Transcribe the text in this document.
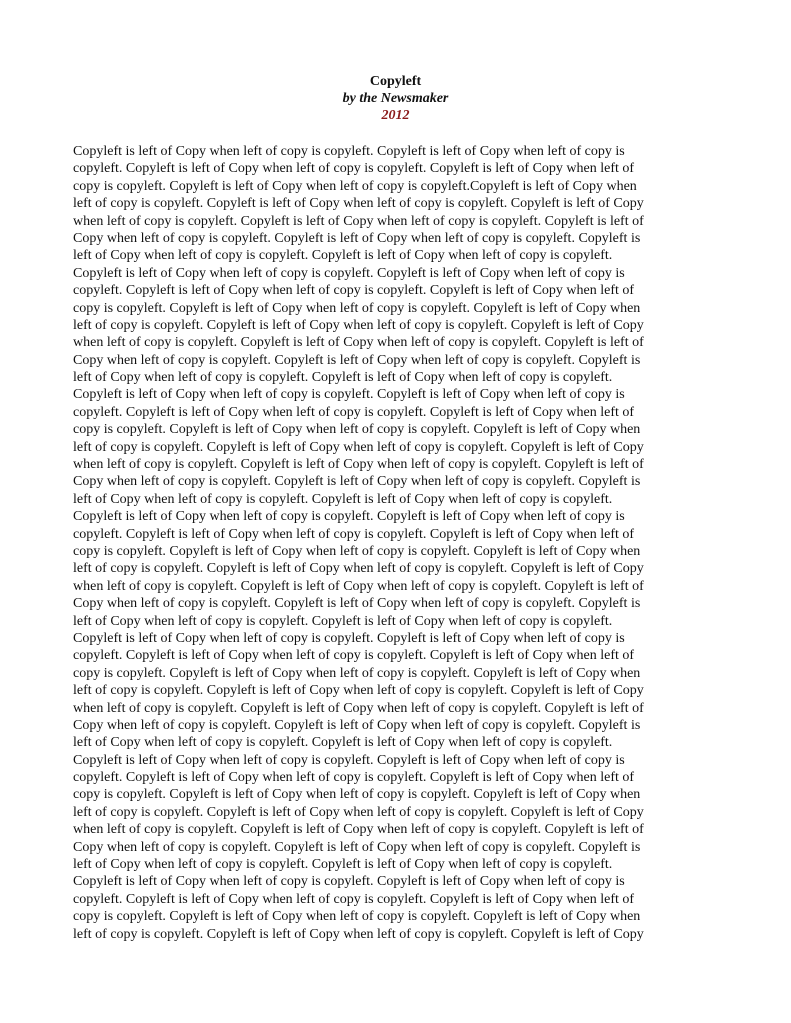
Copyleft
by the Newsmaker
2012
Copyleft is left of Copy when left of copy is copyleft. Copyleft is left of Copy when left of copy is
copyleft. Copyleft is left of Copy when left of copy is copyleft. Copyleft is left of Copy when left of
copy is copyleft. Copyleft is left of Copy when left of copy is copyleft.Copyleft is left of Copy when
left of copy is copyleft. Copyleft is left of Copy when left of copy is copyleft. Copyleft is left of Copy
when left of copy is copyleft. Copyleft is left of Copy when left of copy is copyleft. Copyleft is left of
Copy when left of copy is copyleft. Copyleft is left of Copy when left of copy is copyleft. Copyleft is
left of Copy when left of copy is copyleft. Copyleft is left of Copy when left of copy is copyleft.
Copyleft is left of Copy when left of copy is copyleft. Copyleft is left of Copy when left of copy is
copyleft. Copyleft is left of Copy when left of copy is copyleft. Copyleft is left of Copy when left of
copy is copyleft. Copyleft is left of Copy when left of copy is copyleft. Copyleft is left of Copy when
left of copy is copyleft. Copyleft is left of Copy when left of copy is copyleft. Copyleft is left of Copy
when left of copy is copyleft. Copyleft is left of Copy when left of copy is copyleft. Copyleft is left of
Copy when left of copy is copyleft. Copyleft is left of Copy when left of copy is copyleft. Copyleft is
left of Copy when left of copy is copyleft. Copyleft is left of Copy when left of copy is copyleft.
Copyleft is left of Copy when left of copy is copyleft. Copyleft is left of Copy when left of copy is
copyleft. Copyleft is left of Copy when left of copy is copyleft. Copyleft is left of Copy when left of
copy is copyleft. Copyleft is left of Copy when left of copy is copyleft. Copyleft is left of Copy when
left of copy is copyleft. Copyleft is left of Copy when left of copy is copyleft. Copyleft is left of Copy
when left of copy is copyleft. Copyleft is left of Copy when left of copy is copyleft. Copyleft is left of
Copy when left of copy is copyleft. Copyleft is left of Copy when left of copy is copyleft. Copyleft is
left of Copy when left of copy is copyleft. Copyleft is left of Copy when left of copy is copyleft.
Copyleft is left of Copy when left of copy is copyleft. Copyleft is left of Copy when left of copy is
copyleft. Copyleft is left of Copy when left of copy is copyleft. Copyleft is left of Copy when left of
copy is copyleft. Copyleft is left of Copy when left of copy is copyleft. Copyleft is left of Copy when
left of copy is copyleft. Copyleft is left of Copy when left of copy is copyleft. Copyleft is left of Copy
when left of copy is copyleft. Copyleft is left of Copy when left of copy is copyleft. Copyleft is left of
Copy when left of copy is copyleft. Copyleft is left of Copy when left of copy is copyleft. Copyleft is
left of Copy when left of copy is copyleft. Copyleft is left of Copy when left of copy is copyleft.
Copyleft is left of Copy when left of copy is copyleft. Copyleft is left of Copy when left of copy is
copyleft. Copyleft is left of Copy when left of copy is copyleft. Copyleft is left of Copy when left of
copy is copyleft. Copyleft is left of Copy when left of copy is copyleft. Copyleft is left of Copy when
left of copy is copyleft. Copyleft is left of Copy when left of copy is copyleft. Copyleft is left of Copy
when left of copy is copyleft. Copyleft is left of Copy when left of copy is copyleft. Copyleft is left of
Copy when left of copy is copyleft. Copyleft is left of Copy when left of copy is copyleft. Copyleft is
left of Copy when left of copy is copyleft. Copyleft is left of Copy when left of copy is copyleft.
Copyleft is left of Copy when left of copy is copyleft. Copyleft is left of Copy when left of copy is
copyleft. Copyleft is left of Copy when left of copy is copyleft. Copyleft is left of Copy when left of
copy is copyleft. Copyleft is left of Copy when left of copy is copyleft. Copyleft is left of Copy when
left of copy is copyleft. Copyleft is left of Copy when left of copy is copyleft. Copyleft is left of Copy
when left of copy is copyleft. Copyleft is left of Copy when left of copy is copyleft. Copyleft is left of
Copy when left of copy is copyleft. Copyleft is left of Copy when left of copy is copyleft. Copyleft is
left of Copy when left of copy is copyleft. Copyleft is left of Copy when left of copy is copyleft.
Copyleft is left of Copy when left of copy is copyleft. Copyleft is left of Copy when left of copy is
copyleft. Copyleft is left of Copy when left of copy is copyleft. Copyleft is left of Copy when left of
copy is copyleft. Copyleft is left of Copy when left of copy is copyleft. Copyleft is left of Copy when
left of copy is copyleft. Copyleft is left of Copy when left of copy is copyleft. Copyleft is left of Copy
